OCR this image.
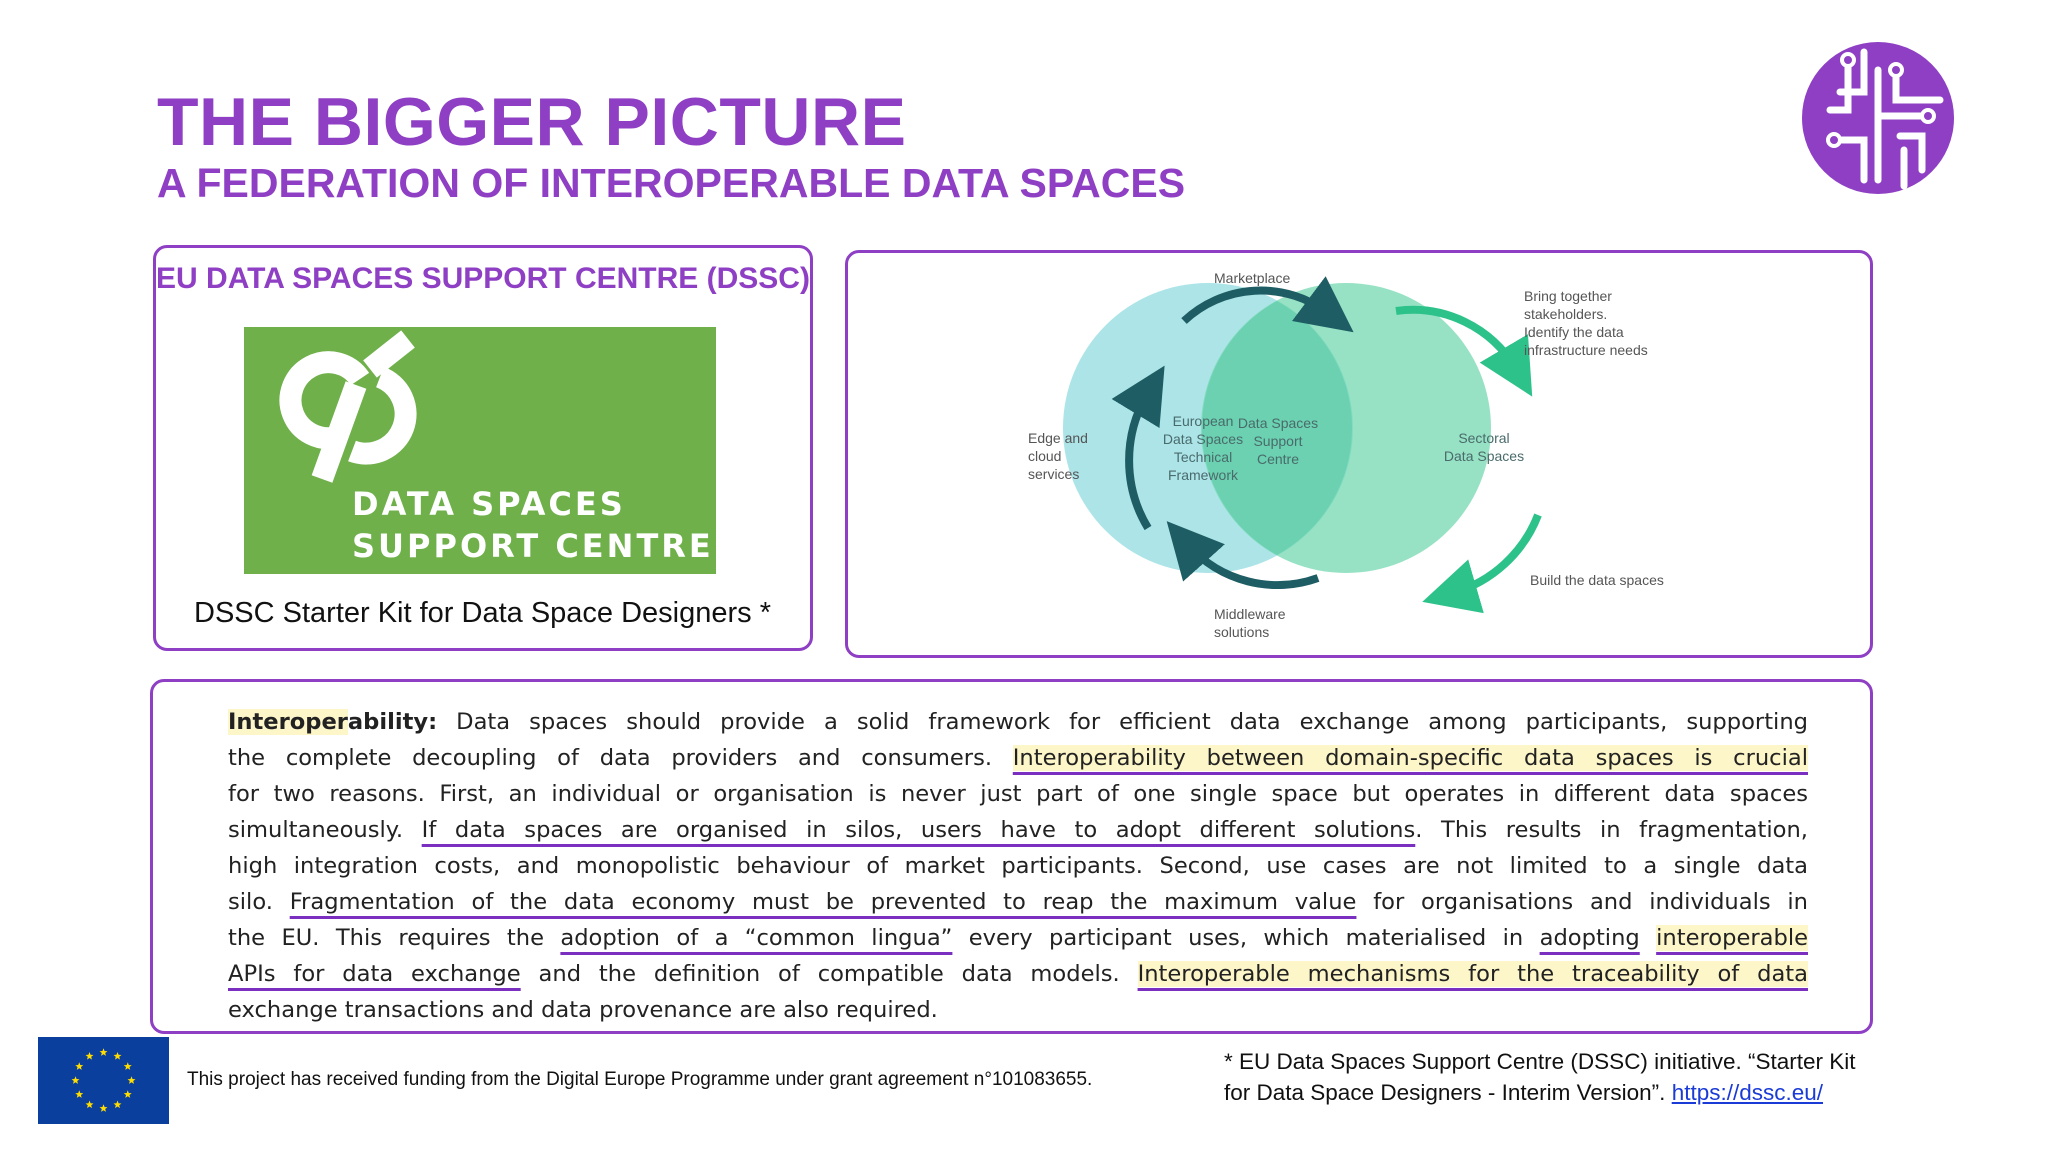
THE BIGGER PICTURE
A FEDERATION OF INTEROPERABLE DATA SPACES
EU DATA SPACES SUPPORT CENTRE (DSSC)
DATA SPACES
SUPPORT CENTRE
DSSC Starter Kit for Data Space Designers *
Marketplace
Bring together
stakeholders.
Identify the data
infrastructure needs
Edge and
cloud
services
European
Data Spaces
Technical
Framework
Data Spaces
Support
Centre
Sectoral
Data Spaces
Build the data spaces
Middleware
solutions
Interoperability: Data spaces should provide a solid framework for efficient data exchange among participants, supporting
the complete decoupling of data providers and consumers. Interoperability between domain-specific data spaces is crucial
for two reasons. First, an individual or organisation is never just part of one single space but operates in different data spaces
simultaneously. If data spaces are organised in silos, users have to adopt different solutions. This results in fragmentation,
high integration costs, and monopolistic behaviour of market participants. Second, use cases are not limited to a single data
silo. Fragmentation of the data economy must be prevented to reap the maximum value for organisations and individuals in
the EU. This requires the adoption of a “common lingua” every participant uses, which materialised in adopting interoperable
APIs for data exchange and the definition of compatible data models. Interoperable mechanisms for the traceability of data
exchange transactions and data provenance are also required.
This project has received funding from the Digital Europe Programme under grant agreement n°101083655.
* EU Data Spaces Support Centre (DSSC) initiative. “Starter Kit
for Data Space Designers - Interim Version”. https://dssc.eu/
